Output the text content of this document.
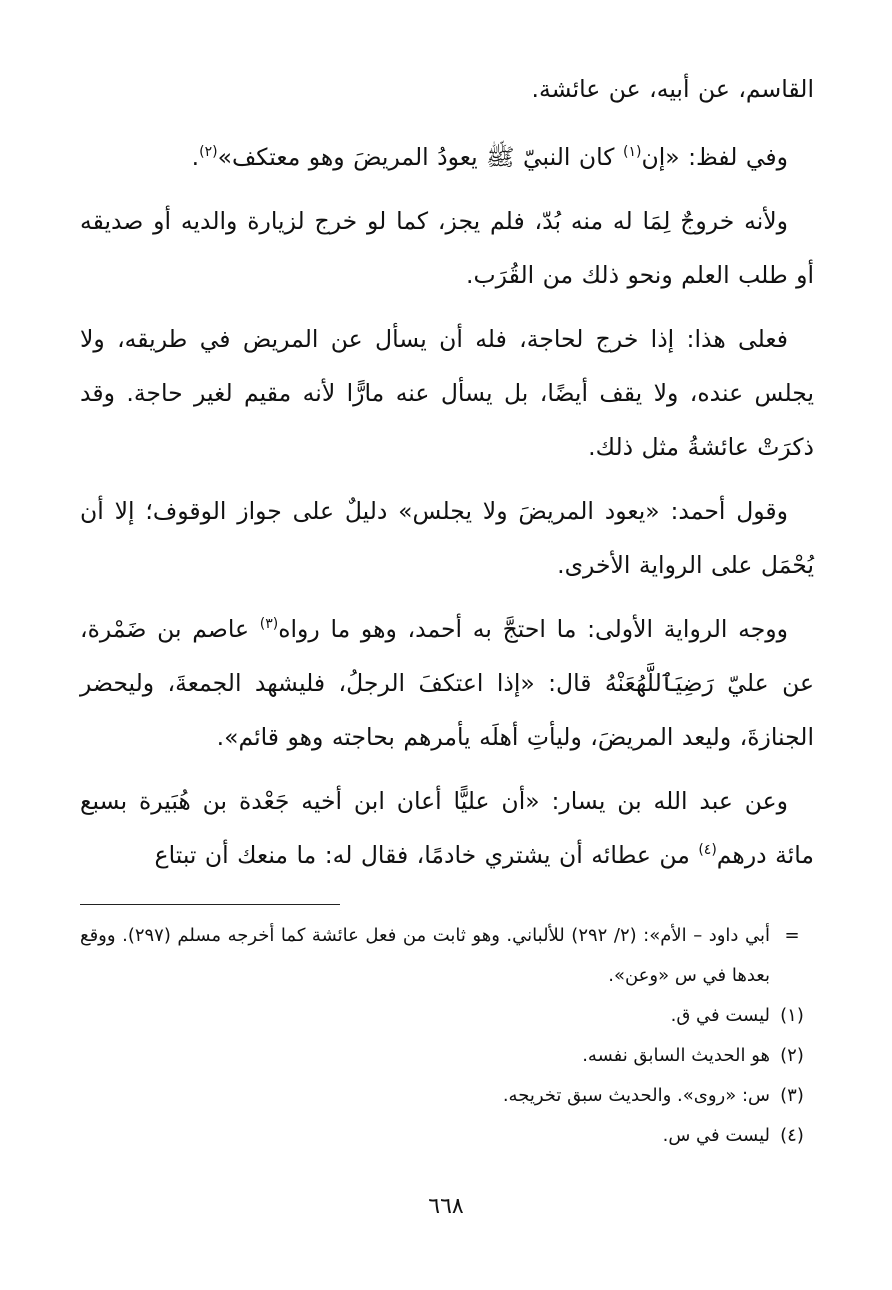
القاسم، عن أبيه، عن عائشة.

وفي لفظ: «إن$^{(١)}$ كان النبيّ ﷺ يعودُ المريضَ وهو معتكف»$^{(٢)}$.

ولأنه خروجٌ لِمَا له منه بُدّ، فلم يجز، كما لو خرج لزيارة والديه أو صديقه أو طلب العلم ونحو ذلك من القُرَب.

فعلى هذا: إذا خرج لحاجة، فله أن يسأل عن المريض في طريقه، ولا يجلس عنده، ولا يقف أيضًا، بل يسأل عنه مارًّا لأنه مقيم لغير حاجة. وقد ذكرَتْ عائشةُ مثل ذلك.

وقول أحمد: «يعود المريضَ ولا يجلس» دليلٌ على جواز الوقوف؛ إلا أن يُحْمَل على الرواية الأخرى.

ووجه الرواية الأولى: ما احتجَّ به أحمد، وهو ما رواه$^{(٣)}$ عاصم بن ضَمْرة، عن عليّ رَضِيَٱللَّهُعَنْهُ قال: «إذا اعتكفَ الرجلُ، فليشهد الجمعةَ، وليحضر الجنازةَ، وليعد المريضَ، وليأتِ أهلَه يأمرهم بحاجته وهو قائم».

وعن عبد الله بن يسار: «أن عليًّا أعان ابن أخيه جَعْدة بن هُبَيرة بسبع مائة درهم$^{(٤)}$ من عطائه أن يشتري خادمًا، فقال له: ما منعك أن تبتاع

=
أبي داود – الأم»: (٢/ ٢٩٢) للألباني. وهو ثابت من فعل عائشة كما أخرجه مسلم (٢٩٧). ووقع بعدها في س «وعن».
(١)
ليست في ق.
(٢)
هو الحديث السابق نفسه.
(٣)
س: «روى». والحديث سبق تخريجه.
(٤)
ليست في س.
٦٦٨
